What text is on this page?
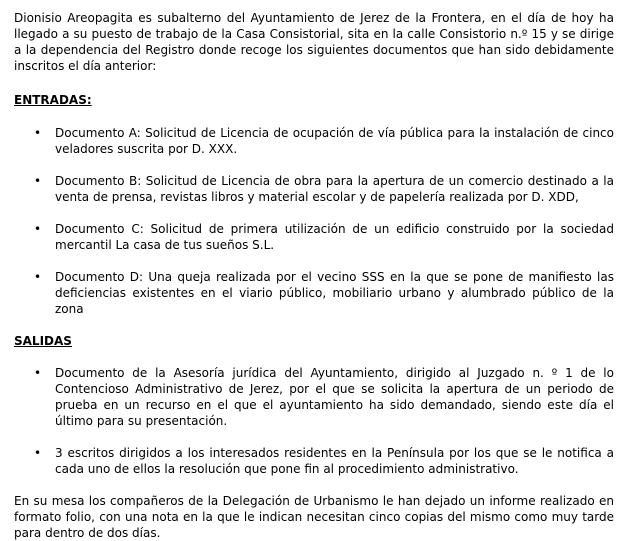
Dionisio Areopagita es subalterno del Ayuntamiento de Jerez de la Frontera, en el día de hoy ha llegado a su puesto de trabajo de la Casa Consistorial, sita en la calle Consistorio n.º 15 y se dirige a la dependencia del Registro donde recoge los siguientes documentos que han sido debidamente inscritos el día anterior:

ENTRADAS:
• Documento A: Solicitud de Licencia de ocupación de vía pública para la instalación de cinco veladores suscrita por D. XXX.
• Documento B: Solicitud de Licencia de obra para la apertura de un comercio destinado a la venta de prensa, revistas libros y material escolar y de papelería realizada por D. XDD,
• Documento C: Solicitud de primera utilización de un edificio construido por la sociedad mercantil La casa de tus sueños S.L.
• Documento D: Una queja realizada por el vecino SSS en la que se pone de manifiesto las deficiencias existentes en el viario público, mobiliario urbano y alumbrado público de la zona
SALIDAS
• Documento de la Asesoría jurídica del Ayuntamiento, dirigido al Juzgado n. º 1 de lo Contencioso Administrativo de Jerez, por el que se solicita la apertura de un periodo de prueba en un recurso en el que el ayuntamiento ha sido demandado, siendo este día el último para su presentación.
• 3 escritos dirigidos a los interesados residentes en la Península por los que se le notifica a cada uno de ellos la resolución que pone fin al procedimiento administrativo.

En su mesa los compañeros de la Delegación de Urbanismo le han dejado un informe realizado en formato folio, con una nota en la que le indican necesitan cinco copias del mismo como muy tarde para dentro de dos días.
